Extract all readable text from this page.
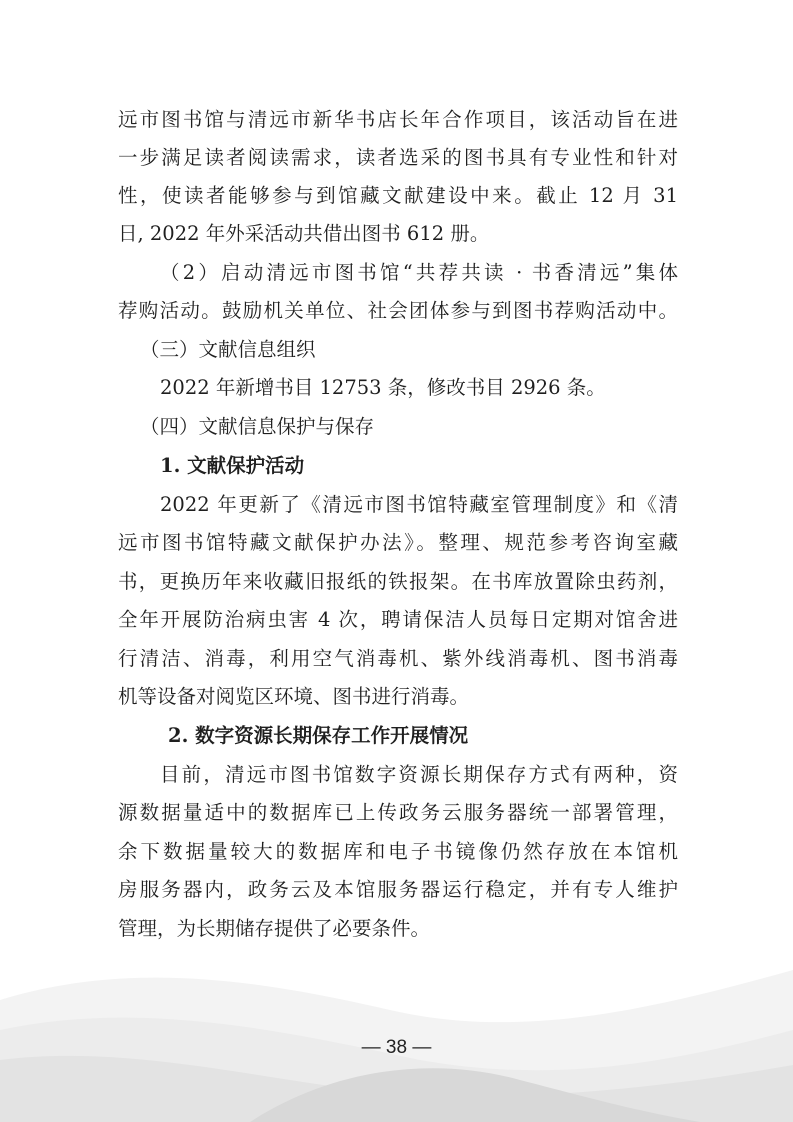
远市图书馆与清远市新华书店长年合作项目，该活动旨在进
一步满足读者阅读需求，读者选采的图书具有专业性和针对
性，使读者能够参与到馆藏文献建设中来。截止 12 月 31
日, 2022 年外采活动共借出图书 612 册。
（2）启动清远市图书馆“共荐共读 · 书香清远”集体
荐购活动。鼓励机关单位、社会团体参与到图书荐购活动中。
（三）文献信息组织
2022 年新增书目 12753 条，修改书目 2926 条。
（四）文献信息保护与保存
1. 文献保护活动
2022 年更新了《清远市图书馆特藏室管理制度》和《清
远市图书馆特藏文献保护办法》。整理、规范参考咨询室藏
书，更换历年来收藏旧报纸的铁报架。在书库放置除虫药剂，
全年开展防治病虫害 4 次，聘请保洁人员每日定期对馆舍进
行清洁、消毒，利用空气消毒机、紫外线消毒机、图书消毒
机等设备对阅览区环境、图书进行消毒。
2. 数字资源长期保存工作开展情况
目前，清远市图书馆数字资源长期保存方式有两种，资
源数据量适中的数据库已上传政务云服务器统一部署管理，
余下数据量较大的数据库和电子书镜像仍然存放在本馆机
房服务器内，政务云及本馆服务器运行稳定，并有专人维护
管理，为长期储存提供了必要条件。
— 38 —
